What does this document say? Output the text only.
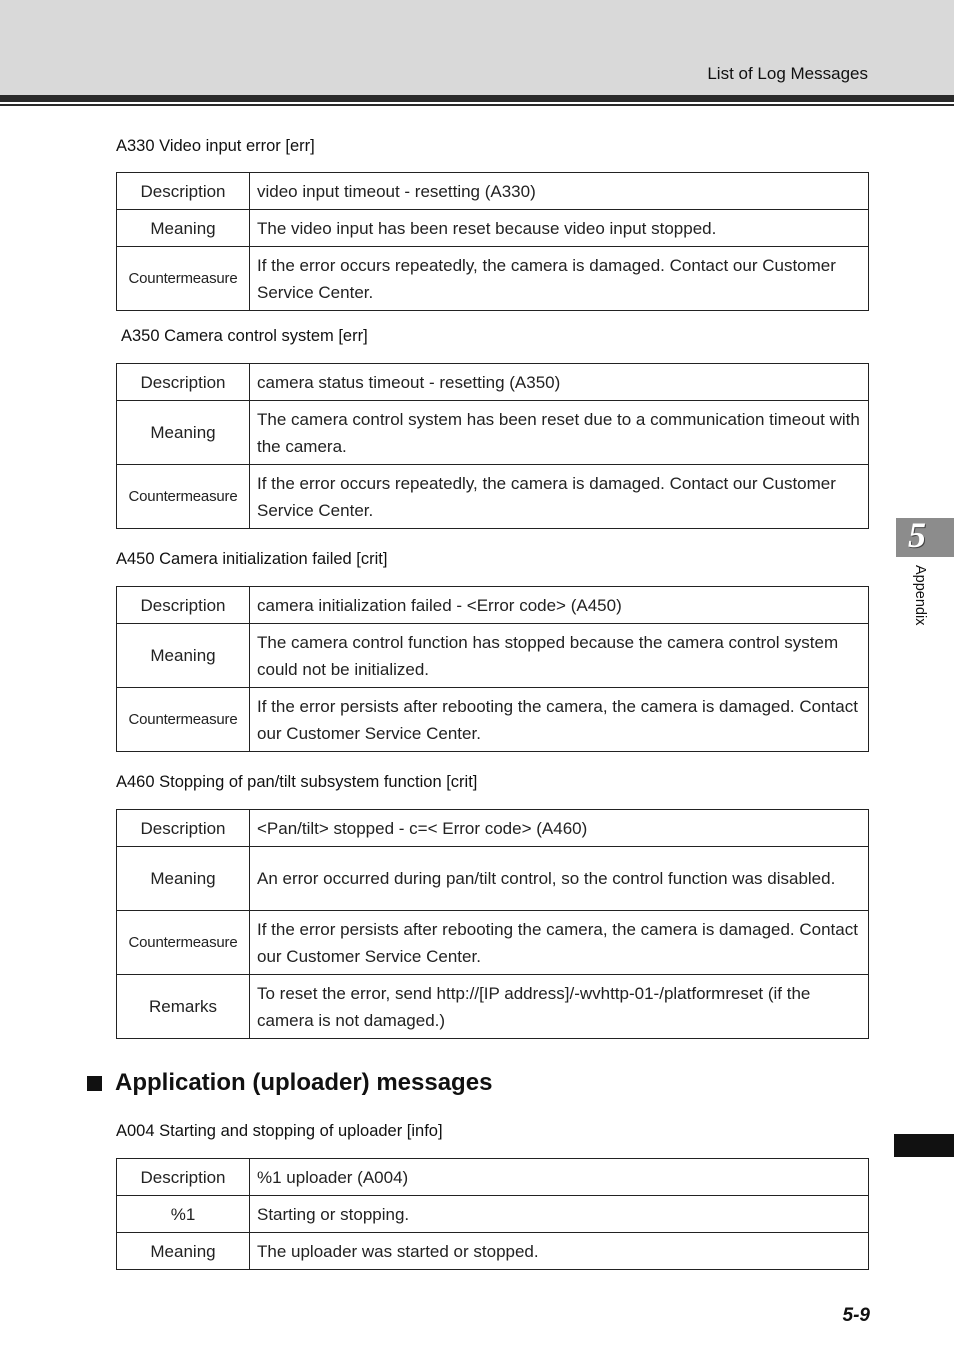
List of Log Messages
A330 Video input error [err]
Description	video input timeout - resetting (A330)
Meaning	The video input has been reset because video input stopped.
Countermeasure	If the error occurs repeatedly, the camera is damaged. Contact our Customer Service Center.
A350 Camera control system [err]
Description	camera status timeout - resetting (A350)
Meaning	The camera control system has been reset due to a communication timeout with the camera.
Countermeasure	If the error occurs repeatedly, the camera is damaged. Contact our Customer Service Center.
A450 Camera initialization failed [crit]
Description	camera initialization failed - <Error code> (A450)
Meaning	The camera control function has stopped because the camera control system could not be initialized.
Countermeasure	If the error persists after rebooting the camera, the camera is damaged. Contact our Customer Service Center.
A460 Stopping of pan/tilt subsystem function [crit]
Description	<Pan/tilt> stopped - c=< Error code> (A460)
Meaning	An error occurred during pan/tilt control, so the control function was disabled.
Countermeasure	If the error persists after rebooting the camera, the camera is damaged. Contact our Customer Service Center.
Remarks	To reset the error, send http://[IP address]/-wvhttp-01-/platformreset (if the camera is not damaged.)
Application (uploader) messages
A004 Starting and stopping of uploader [info]
Description	%1 uploader (A004)
%1	Starting or stopping.
Meaning	The uploader was started or stopped.
5
Appendix
5-9
